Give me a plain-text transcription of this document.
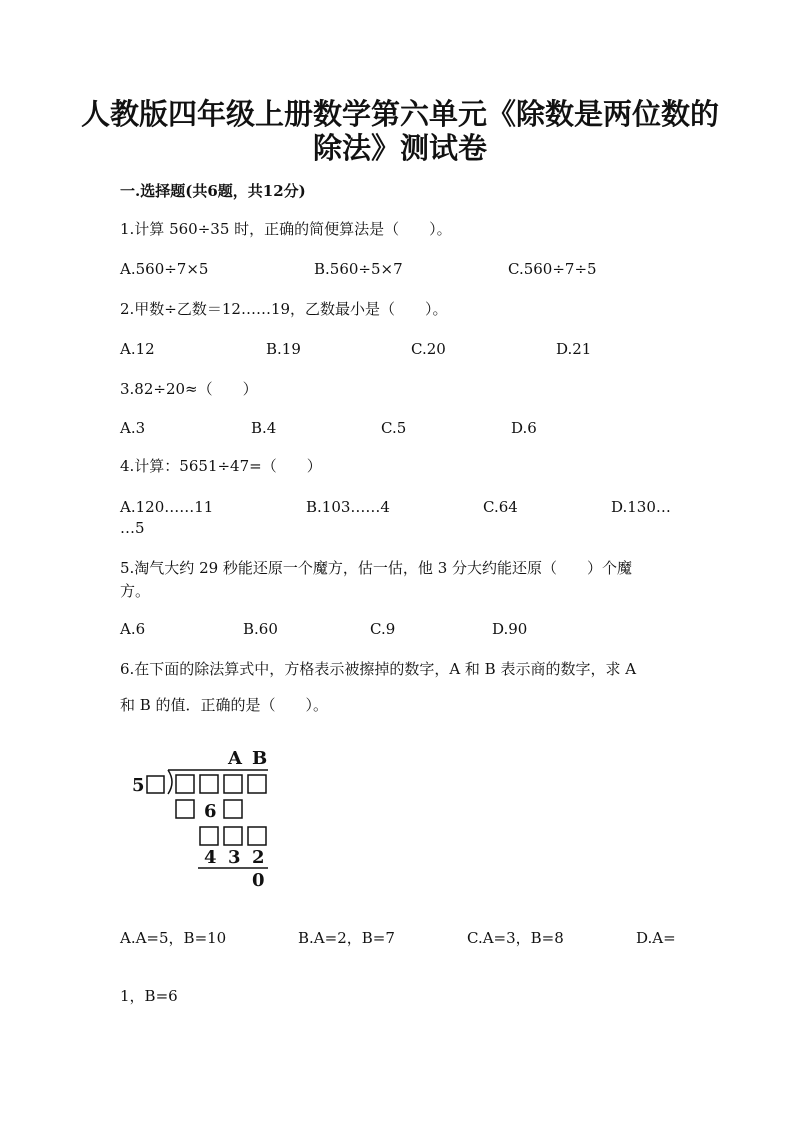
人教版四年级上册数学第六单元《除数是两位数的
除法》测试卷
一.选择题(共6题，共12分)
1.计算 560÷35 时，正确的简便算法是（　　）。
A.560÷7×5	B.560÷5×7	C.560÷7÷5
2.甲数÷乙数＝12……19，乙数最小是（　　）。
A.12	B.19	C.20	D.21
3.82÷20≈（　　）
A.3	B.4	C.5	D.6
4.计算：5651÷47=（　　）
A.120……11	B.103……4	C.64	D.130…
…5
5.淘气大约 29 秒能还原一个魔方，估一估，他 3 分大约能还原（　　）个魔
方。
A.6	B.60	C.9	D.90
6.在下面的除法算式中，方格表示被擦掉的数字，A 和 B 表示商的数字，求 A
和 B 的值．正确的是（　　）。
A B
5
6
4 3 2
0
A.A=5，B=10	B.A=2，B=7	C.A=3，B=8	D.A=
1，B=6
